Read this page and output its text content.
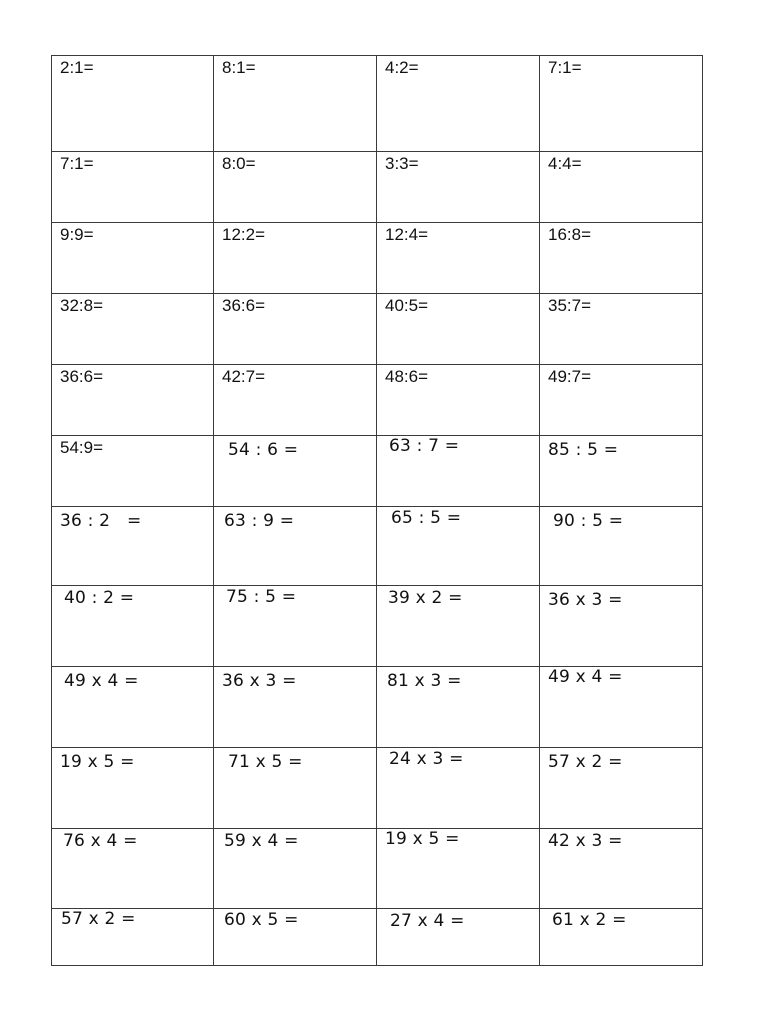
2:1=	8:1=	4:2=	7:1=

7:1=	8:0=	3:3=	4:4=

9:9=	12:2=	12:4=	16:8=

32:8=	36:6=	40:5=	35:7=

36:6=	42:7=	48:6=	49:7=

54:9=	54 : 6 =	63 : 7 =	85 : 5 =

36 : 2   =	63 : 9 =	65 : 5 =	90 : 5 =

40 : 2 =	75 : 5 =	39 x 2 =	36 x 3 =

49 x 4 =	36 x 3 =	81 x 3 =	49 x 4 =

19 x 5 =	71 x 5 =	24 x 3 =	57 x 2 =

76 x 4 =	59 x 4 =	19 x 5 =	42 x 3 =

57 x 2 =	60 x 5 =	27 x 4 =	61 x 2 =
